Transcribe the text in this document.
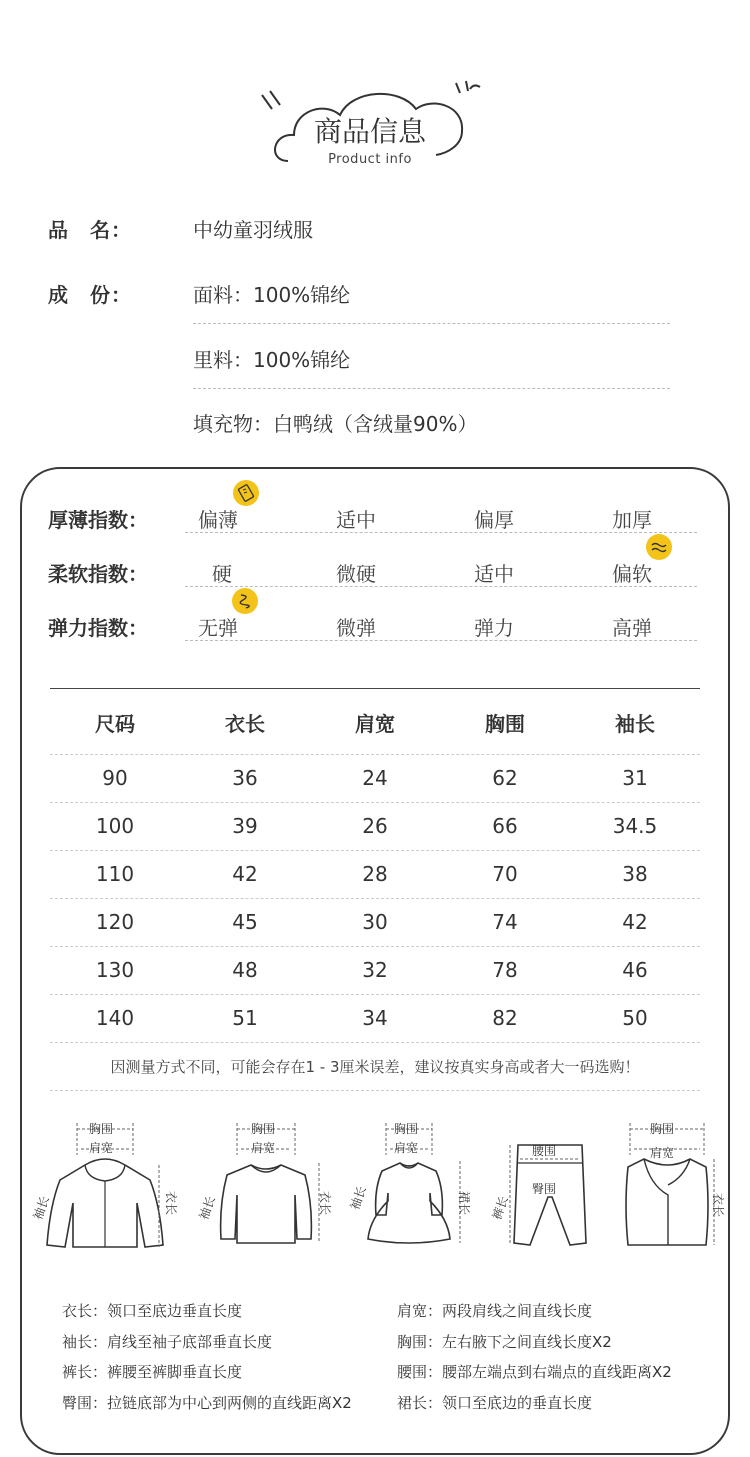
商品信息
Product info
品　名：	中幼童羽绒服
成　份：	面料：100%锦纶
里料：100%锦纶
填充物：白鸭绒（含绒量90%）
厚薄指数：	偏薄	适中	偏厚	加厚
柔软指数：	硬	微硬	适中	偏软
弹力指数：	无弹	微弹	弹力	高弹
尺码	衣长	肩宽	胸围	袖长
90	36	24	62	31
100	39	26	66	34.5
110	42	28	70	38
120	45	30	74	42
130	48	32	78	46
140	51	34	82	50
因测量方式不同，可能会存在1 - 3厘米误差，建议按真实身高或者大一码选购！
胸围
肩宽
衣长
袖长
胸围
肩宽
衣长
袖长
胸围
肩宽
裙长
袖长
腰围
臀围
裤长
胸围
肩宽
衣长
衣长：领口至底边垂直长度	肩宽：两段肩线之间直线长度
袖长：肩线至袖子底部垂直长度	胸围：左右腋下之间直线长度X2
裤长：裤腰至裤脚垂直长度	腰围：腰部左端点到右端点的直线距离X2
臀围：拉链底部为中心到两侧的直线距离X2	裙长：领口至底边的垂直长度
